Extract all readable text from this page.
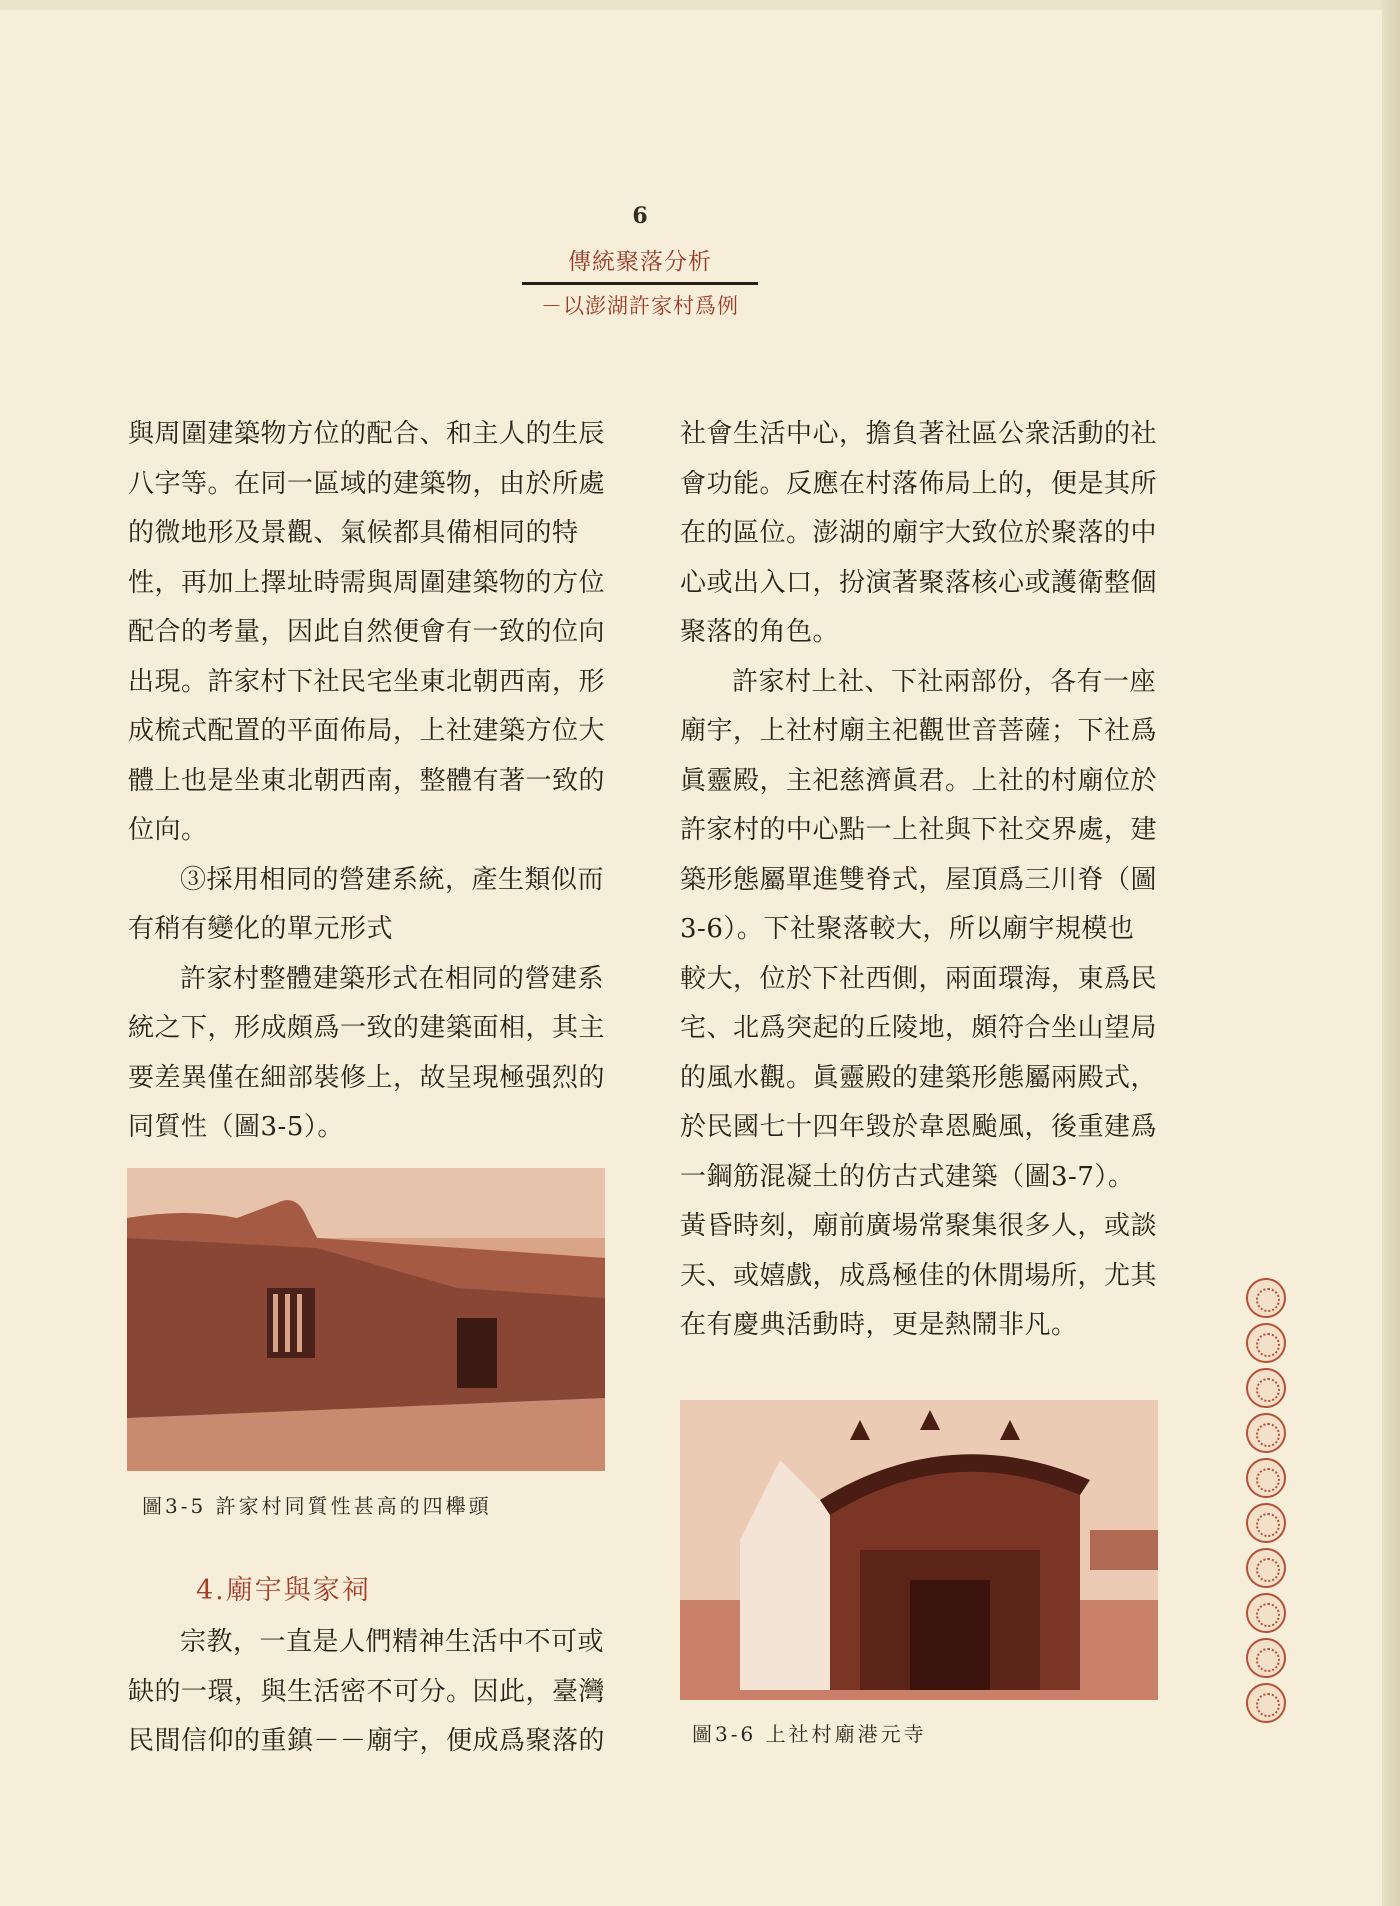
6
傳統聚落分析
－以澎湖許家村爲例

與周圍建築物方位的配合、和主人的生辰八字等。在同一區域的建築物，由於所處的微地形及景觀、氣候都具備相同的特性，再加上擇址時需與周圍建築物的方位配合的考量，因此自然便會有一致的位向出現。許家村下社民宅坐東北朝西南，形成梳式配置的平面佈局，上社建築方位大體上也是坐東北朝西南，整體有著一致的位向。

③採用相同的營建系統，產生類似而有稍有變化的單元形式

許家村整體建築形式在相同的營建系統之下，形成頗爲一致的建築面相，其主要差異僅在細部裝修上，故呈現極强烈的同質性（圖3-5）。

圖3-5 許家村同質性甚高的四櫸頭
4.廟宇與家祠

宗教，一直是人們精神生活中不可或缺的一環，與生活密不可分。因此，臺灣民間信仰的重鎮－－廟宇，便成爲聚落的

社會生活中心，擔負著社區公衆活動的社會功能。反應在村落佈局上的，便是其所在的區位。澎湖的廟宇大致位於聚落的中心或出入口，扮演著聚落核心或護衛整個聚落的角色。

許家村上社、下社兩部份，各有一座廟宇，上社村廟主祀觀世音菩薩；下社爲眞靈殿，主祀慈濟眞君。上社的村廟位於許家村的中心點一上社與下社交界處，建築形態屬單進雙脊式，屋頂爲三川脊（圖3-6）。下社聚落較大，所以廟宇規模也較大，位於下社西側，兩面環海，東爲民宅、北爲突起的丘陵地，頗符合坐山望局的風水觀。眞靈殿的建築形態屬兩殿式，於民國七十四年毀於韋恩颱風，後重建爲一鋼筋混凝土的仿古式建築（圖3-7）。黃昏時刻，廟前廣場常聚集很多人，或談天、或嬉戲，成爲極佳的休閒場所，尤其在有慶典活動時，更是熱鬧非凡。

圖3-6 上社村廟港元寺
